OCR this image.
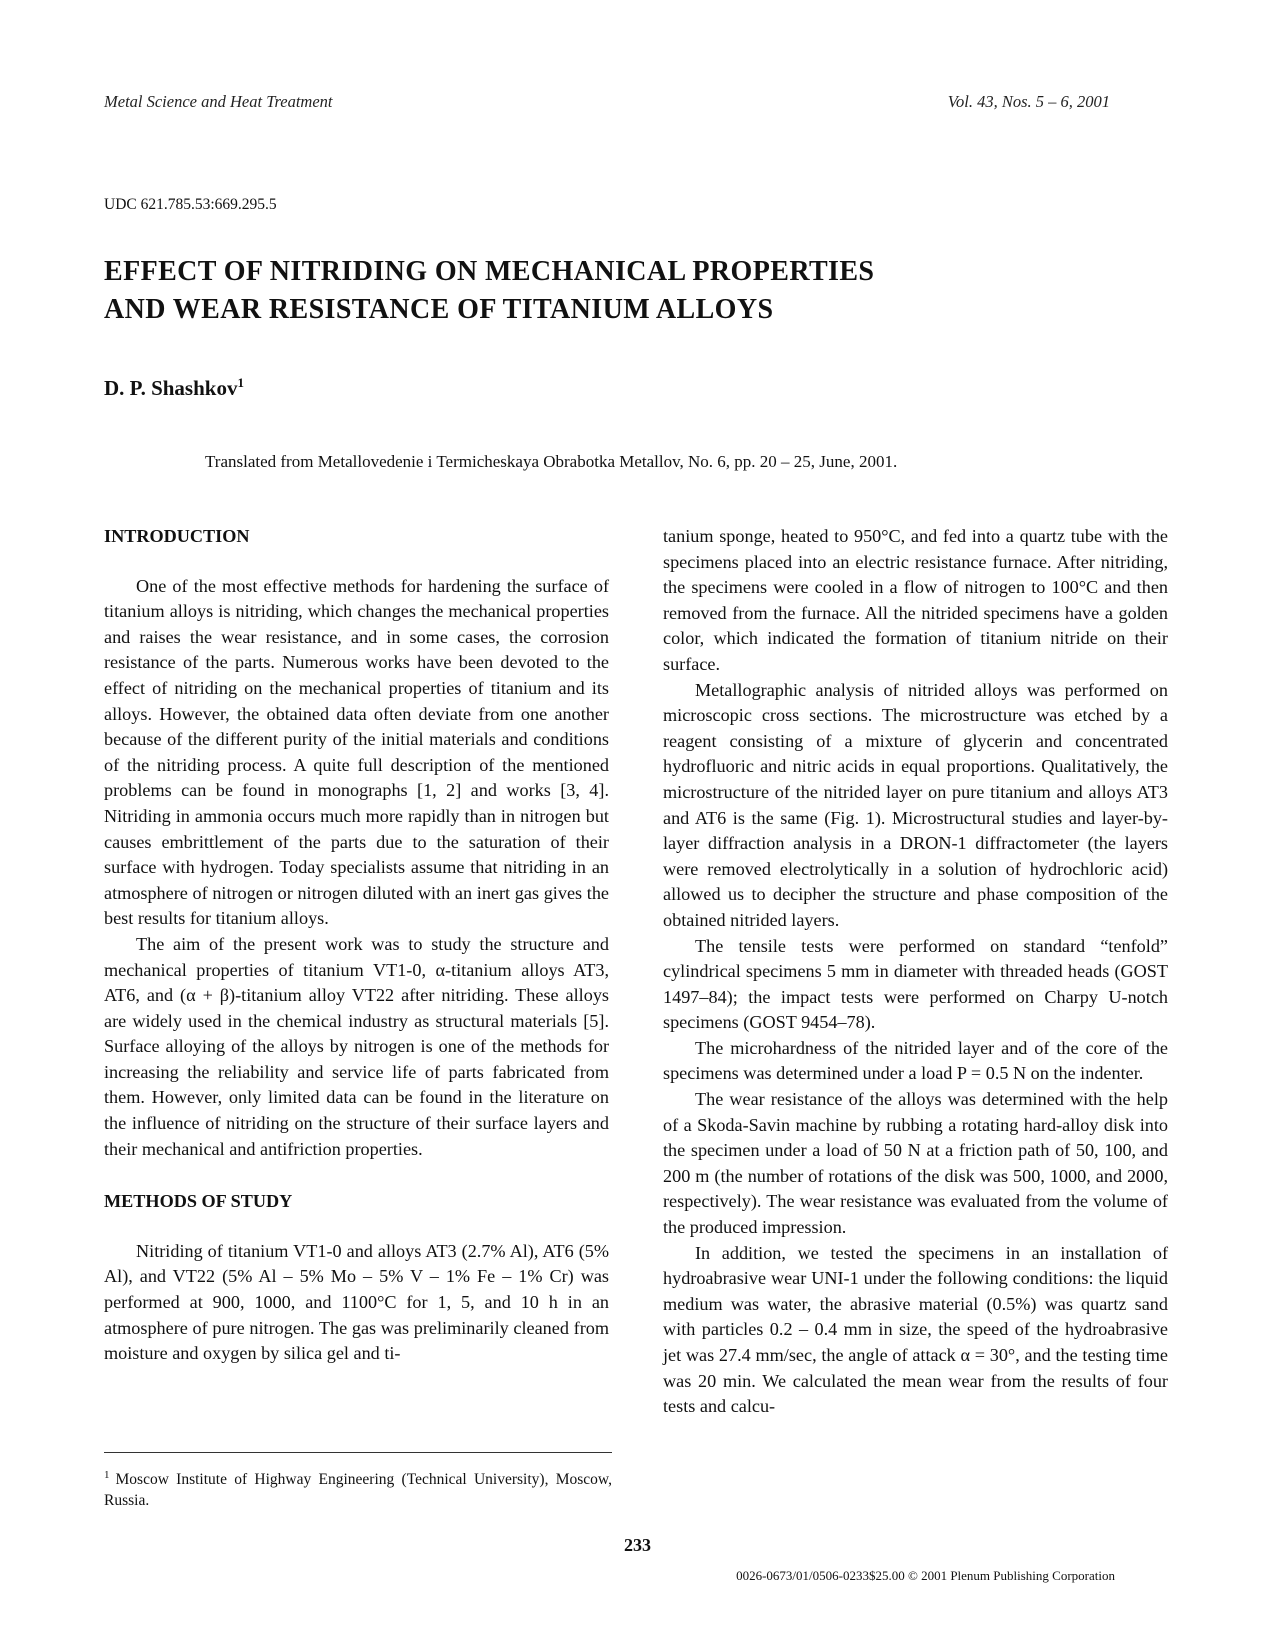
Metal Science and Heat Treatment	Vol. 43, Nos. 5 – 6, 2001
UDC 621.785.53:669.295.5
EFFECT OF NITRIDING ON MECHANICAL PROPERTIES
AND WEAR RESISTANCE OF TITANIUM ALLOYS
D. P. Shashkov$^1$
Translated from Metallovedenie i Termicheskaya Obrabotka Metallov, No. 6, pp. 20 – 25, June, 2001.
INTRODUCTION

One of the most effective methods for hardening the surface of titanium alloys is nitriding, which changes the mechanical properties and raises the wear resistance, and in some cases, the corrosion resistance of the parts. Numerous works have been devoted to the effect of nitriding on the mechanical properties of titanium and its alloys. However, the obtained data often deviate from one another because of the different purity of the initial materials and conditions of the nitriding process. A quite full description of the mentioned problems can be found in monographs [1, 2] and works [3, 4]. Nitriding in ammonia occurs much more rapidly than in nitrogen but causes embrittlement of the parts due to the saturation of their surface with hydrogen. Today specialists assume that nitriding in an atmosphere of nitrogen or nitrogen diluted with an inert gas gives the best results for titanium alloys.

The aim of the present work was to study the structure and mechanical properties of titanium VT1-0, α-titanium alloys AT3, AT6, and (α + β)-titanium alloy VT22 after nitriding. These alloys are widely used in the chemical industry as structural materials [5]. Surface alloying of the alloys by nitrogen is one of the methods for increasing the reliability and service life of parts fabricated from them. However, only limited data can be found in the literature on the influence of nitriding on the structure of their surface layers and their mechanical and antifriction properties.

METHODS OF STUDY

Nitriding of titanium VT1-0 and alloys AT3 (2.7% Al), AT6 (5% Al), and VT22 (5% Al – 5% Mo – 5% V – 1% Fe – 1% Cr) was performed at 900, 1000, and 1100°C for 1, 5, and 10 h in an atmosphere of pure nitrogen. The gas was preliminarily cleaned from moisture and oxygen by silica gel and ti-

tanium sponge, heated to 950°C, and fed into a quartz tube with the specimens placed into an electric resistance furnace. After nitriding, the specimens were cooled in a flow of nitrogen to 100°C and then removed from the furnace. All the nitrided specimens have a golden color, which indicated the formation of titanium nitride on their surface.

Metallographic analysis of nitrided alloys was performed on microscopic cross sections. The microstructure was etched by a reagent consisting of a mixture of glycerin and concentrated hydrofluoric and nitric acids in equal proportions. Qualitatively, the microstructure of the nitrided layer on pure titanium and alloys AT3 and AT6 is the same (Fig. 1). Microstructural studies and layer-by-layer diffraction analysis in a DRON-1 diffractometer (the layers were removed electrolytically in a solution of hydrochloric acid) allowed us to decipher the structure and phase composition of the obtained nitrided layers.

The tensile tests were performed on standard “tenfold” cylindrical specimens 5 mm in diameter with threaded heads (GOST 1497–84); the impact tests were performed on Charpy U-notch specimens (GOST 9454–78).

The microhardness of the nitrided layer and of the core of the specimens was determined under a load P = 0.5 N on the indenter.

The wear resistance of the alloys was determined with the help of a Skoda-Savin machine by rubbing a rotating hard-alloy disk into the specimen under a load of 50 N at a friction path of 50, 100, and 200 m (the number of rotations of the disk was 500, 1000, and 2000, respectively). The wear resistance was evaluated from the volume of the produced impression.

In addition, we tested the specimens in an installation of hydroabrasive wear UNI-1 under the following conditions: the liquid medium was water, the abrasive material (0.5%) was quartz sand with particles 0.2 – 0.4 mm in size, the speed of the hydroabrasive jet was 27.4 mm/sec, the angle of attack α = 30°, and the testing time was 20 min. We calculated the mean wear from the results of four tests and calcu-

$^1$ Moscow Institute of Highway Engineering (Technical University), Moscow, Russia.
233
0026-0673/01/0506-0233$25.00 © 2001 Plenum Publishing Corporation
